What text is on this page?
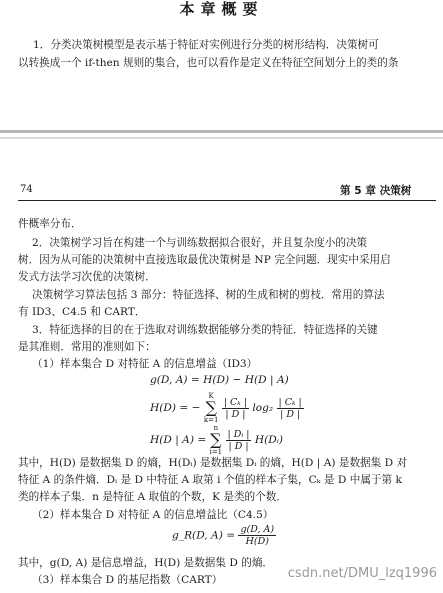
本章概要
1．分类决策树模型是表示基于特征对实例进行分类的树形结构．决策树可
以转换成一个 if-then 规则的集合，也可以看作是定义在特征空间划分上的类的条
74	第 5 章 决策树
件概率分布．
2．决策树学习旨在构建一个与训练数据拟合很好，并且复杂度小的决策
树．因为从可能的决策树中直接选取最优决策树是 NP 完全问题．现实中采用启
发式方法学习次优的决策树．
决策树学习算法包括 3 部分：特征选择、树的生成和树的剪枝．常用的算法
有 ID3、C4.5 和 CART．
3．特征选择的目的在于选取对训练数据能够分类的特征．特征选择的关键
是其准则．常用的准则如下：
（1）样本集合 D 对特征 A 的信息增益（ID3）
g(D, A) = H(D) − H(D | A)
H(D) = −
K
∑
k=1

$\frac{\text{| Cₖ |}}{| D |} \log_2 \frac{\text{| Cₖ |}}{| D |}$
H(D | A) =
n
∑
i=1

$\frac{\text{| Dᵢ |}}{| D |}$ H(Dᵢ)
其中，H(D) 是数据集 D 的熵，H(Dᵢ) 是数据集 Dᵢ 的熵，H(D | A) 是数据集 D 对
特征 A 的条件熵．Dᵢ 是 D 中特征 A 取第 i 个值的样本子集，Cₖ 是 D 中属于第 k
类的样本子集．n 是特征 A 取值的个数，K 是类的个数．
（2）样本集合 D 对特征 A 的信息增益比（C4.5）
g_R(D, $A) = \frac{g(D, A)}{H(D)}$
其中，g(D, A) 是信息增益，H(D) 是数据集 D 的熵．
（3）样本集合 D 的基尼指数（CART）	csdn.net/DMU_lzq1996
